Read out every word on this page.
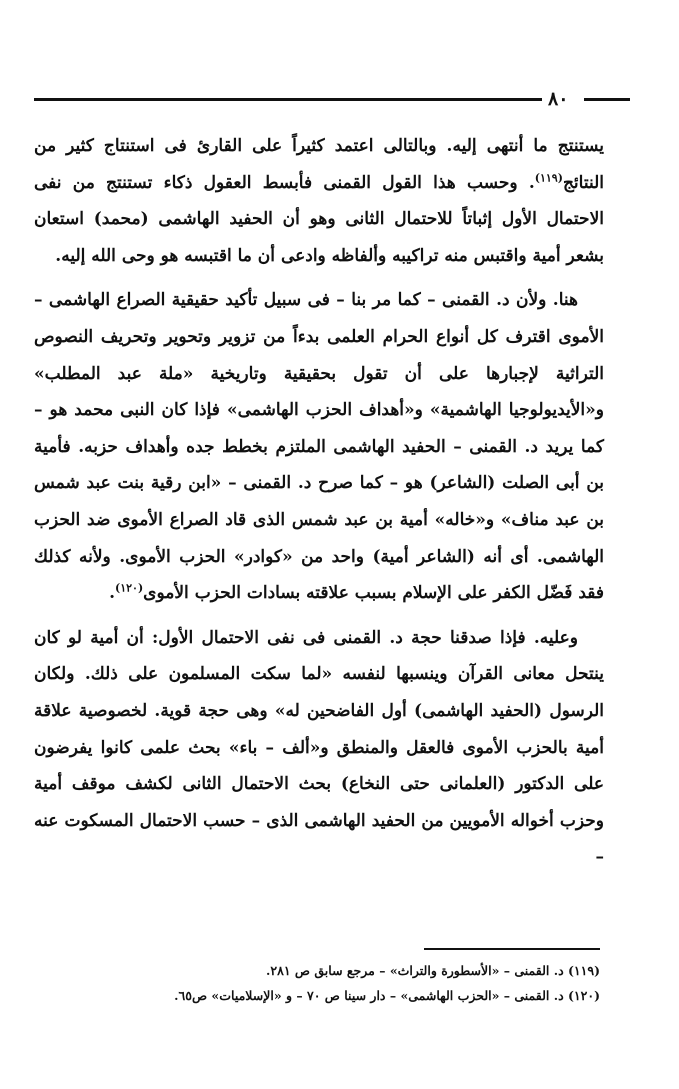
٨٠

يستنتج ما أنتهى إليه. وبالتالى اعتمد كثيراً على القارئ فى استنتاج كثير من النتائج$^{(١١٩)}$. وحسب هذا القول القمنى فأبسط العقول ذكاء تستنتج من نفى الاحتمال الأول إثباتاً للاحتمال الثانى وهو أن الحفيد الهاشمى (محمد) استعان بشعر أمية واقتبس منه تراكيبه وألفاظه وادعى أن ما اقتبسه هو وحى الله إليه.

هنا. ولأن د. القمنى – كما مر بنا – فى سبيل تأكيد حقيقية الصراع الهاشمى – الأموى اقترف كل أنواع الحرام العلمى بدءاً من تزوير وتحوير وتحريف النصوص التراثية لإجبارها على أن تقول بحقيقية وتاريخية «ملة عبد المطلب» و«الأيديولوجيا الهاشمية» و«أهداف الحزب الهاشمى» فإذا كان النبى محمد هو – كما يريد د. القمنى – الحفيد الهاشمى الملتزم بخطط جده وأهداف حزبه. فأمية بن أبى الصلت (الشاعر) هو – كما صرح د. القمنى – «ابن رقية بنت عبد شمس بن عبد مناف» و«خاله» أمية بن عبد شمس الذى قاد الصراع الأموى ضد الحزب الهاشمى. أى أنه (الشاعر أمية) واحد من «كوادر» الحزب الأموى. ولأنه كذلك فقد فَضّل الكفر على الإسلام بسبب علاقته بسادات الحزب الأموى$^{(١٢٠)}$.

وعليه. فإذا صدقنا حجة د. القمنى فى نفى الاحتمال الأول: أن أمية لو كان ينتحل معانى القرآن وينسبها لنفسه «لما سكت المسلمون على ذلك. ولكان الرسول (الحفيد الهاشمى) أول الفاضحين له» وهى حجة قوية. لخصوصية علاقة أمية بالحزب الأموى فالعقل والمنطق و«ألف – باء» بحث علمى كانوا يفرضون على الدكتور (العلمانى حتى النخاع) بحث الاحتمال الثانى لكشف موقف أمية وحزب أخواله الأمويين من الحفيد الهاشمى الذى – حسب الاحتمال المسكوت عنه –

(١١٩) د. القمنى – «الأسطورة والتراث» – مرجع سابق ص ٢٨١.

(١٢٠) د. القمنى – «الحزب الهاشمى» – دار سينا ص ٧٠ – و «الإسلاميات» ص٦٥.
